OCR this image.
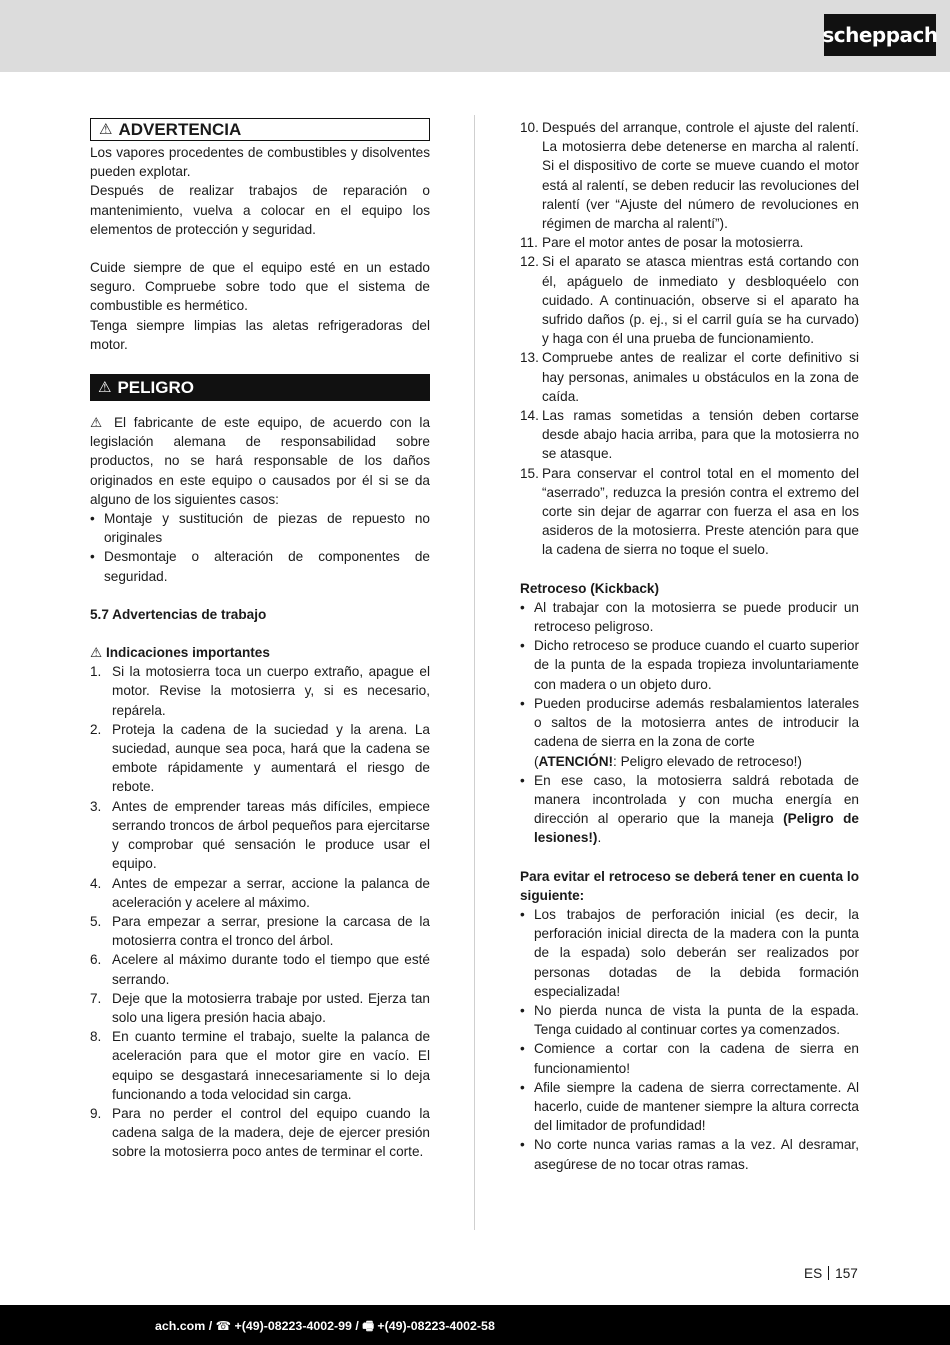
scheppach
⚠ ADVERTENCIA

Los vapores procedentes de combustibles y disolventes pueden explotar.

Después de realizar trabajos de reparación o mantenimiento, vuelva a colocar en el equipo los elementos de protección y seguridad.

Cuide siempre de que el equipo esté en un estado seguro. Compruebe sobre todo que el sistema de combustible es hermético.

Tenga siempre limpias las aletas refrigeradoras del motor.

⚠ PELIGRO

⚠ El fabricante de este equipo, de acuerdo con la legislación alemana de responsabilidad sobre productos, no se hará responsable de los daños originados en este equipo o causados por él si se da alguno de los siguientes casos:

• Montaje y sustitución de piezas de repuesto no originales
• Desmontaje o alteración de componentes de seguridad.

5.7 Advertencias de trabajo

⚠ Indicaciones importantes

1. Si la motosierra toca un cuerpo extraño, apague el motor. Revise la motosierra y, si es necesario, repárela.
2. Proteja la cadena de la suciedad y la arena. La suciedad, aunque sea poca, hará que la cadena se embote rápidamente y aumentará el riesgo de rebote.
3. Antes de emprender tareas más difíciles, empiece serrando troncos de árbol pequeños para ejercitarse y comprobar qué sensación le produce usar el equipo.
4. Antes de empezar a serrar, accione la palanca de aceleración y acelere al máximo.
5. Para empezar a serrar, presione la carcasa de la motosierra contra el tronco del árbol.
6. Acelere al máximo durante todo el tiempo que esté serrando.
7. Deje que la motosierra trabaje por usted. Ejerza tan solo una ligera presión hacia abajo.
8. En cuanto termine el trabajo, suelte la palanca de aceleración para que el motor gire en vacío. El equipo se desgastará innecesariamente si lo deja funcionando a toda velocidad sin carga.
9. Para no perder el control del equipo cuando la cadena salga de la madera, deje de ejercer presión sobre la motosierra poco antes de terminar el corte.
10. Después del arranque, controle el ajuste del ralentí. La motosierra debe detenerse en marcha al ralentí. Si el dispositivo de corte se mueve cuando el motor está al ralentí, se deben reducir las revoluciones del ralentí (ver “Ajuste del número de revoluciones en régimen de marcha al ralentí”).
11. Pare el motor antes de posar la motosierra.
12. Si el aparato se atasca mientras está cortando con él, apáguelo de inmediato y desbloquéelo con cuidado. A continuación, observe si el aparato ha sufrido daños (p. ej., si el carril guía se ha curvado) y haga con él una prueba de funcionamiento.
13. Compruebe antes de realizar el corte definitivo si hay personas, animales u obstáculos en la zona de caída.
14. Las ramas sometidas a tensión deben cortarse desde abajo hacia arriba, para que la motosierra no se atasque.
15. Para conservar el control total en el momento del “aserrado”, reduzca la presión contra el extremo del corte sin dejar de agarrar con fuerza el asa en los asideros de la motosierra. Preste atención para que la cadena de sierra no toque el suelo.

Retroceso (Kickback)

• Al trabajar con la motosierra se puede producir un retroceso peligroso.
• Dicho retroceso se produce cuando el cuarto superior de la punta de la espada tropieza involuntariamente con madera o un objeto duro.
• Pueden producirse además resbalamientos laterales o saltos de la motosierra antes de introducir la cadena de sierra en la zona de corte
(ATENCIÓN!: Peligro elevado de retroceso!)
• En ese caso, la motosierra saldrá rebotada de manera incontrolada y con mucha energía en dirección al operario que la maneja (Peligro de lesiones!).

Para evitar el retroceso se deberá tener en cuenta lo siguiente:

• Los trabajos de perforación inicial (es decir, la perforación inicial directa de la madera con la punta de la espada) solo deberán ser realizados por personas dotadas de la debida formación especializada!
• No pierda nunca de vista la punta de la espada. Tenga cuidado al continuar cortes ya comenzados.
• Comience a cortar con la cadena de sierra en funcionamiento!
• Afile siempre la cadena de sierra correctamente. Al hacerlo, cuide de mantener siempre la altura correcta del limitador de profundidad!
• No corte nunca varias ramas a la vez. Al desramar, asegúrese de no tocar otras ramas.
ES 157
ach.com / ☎ +(49)-08223-4002-99 / 🖷 +(49)-08223-4002-58
